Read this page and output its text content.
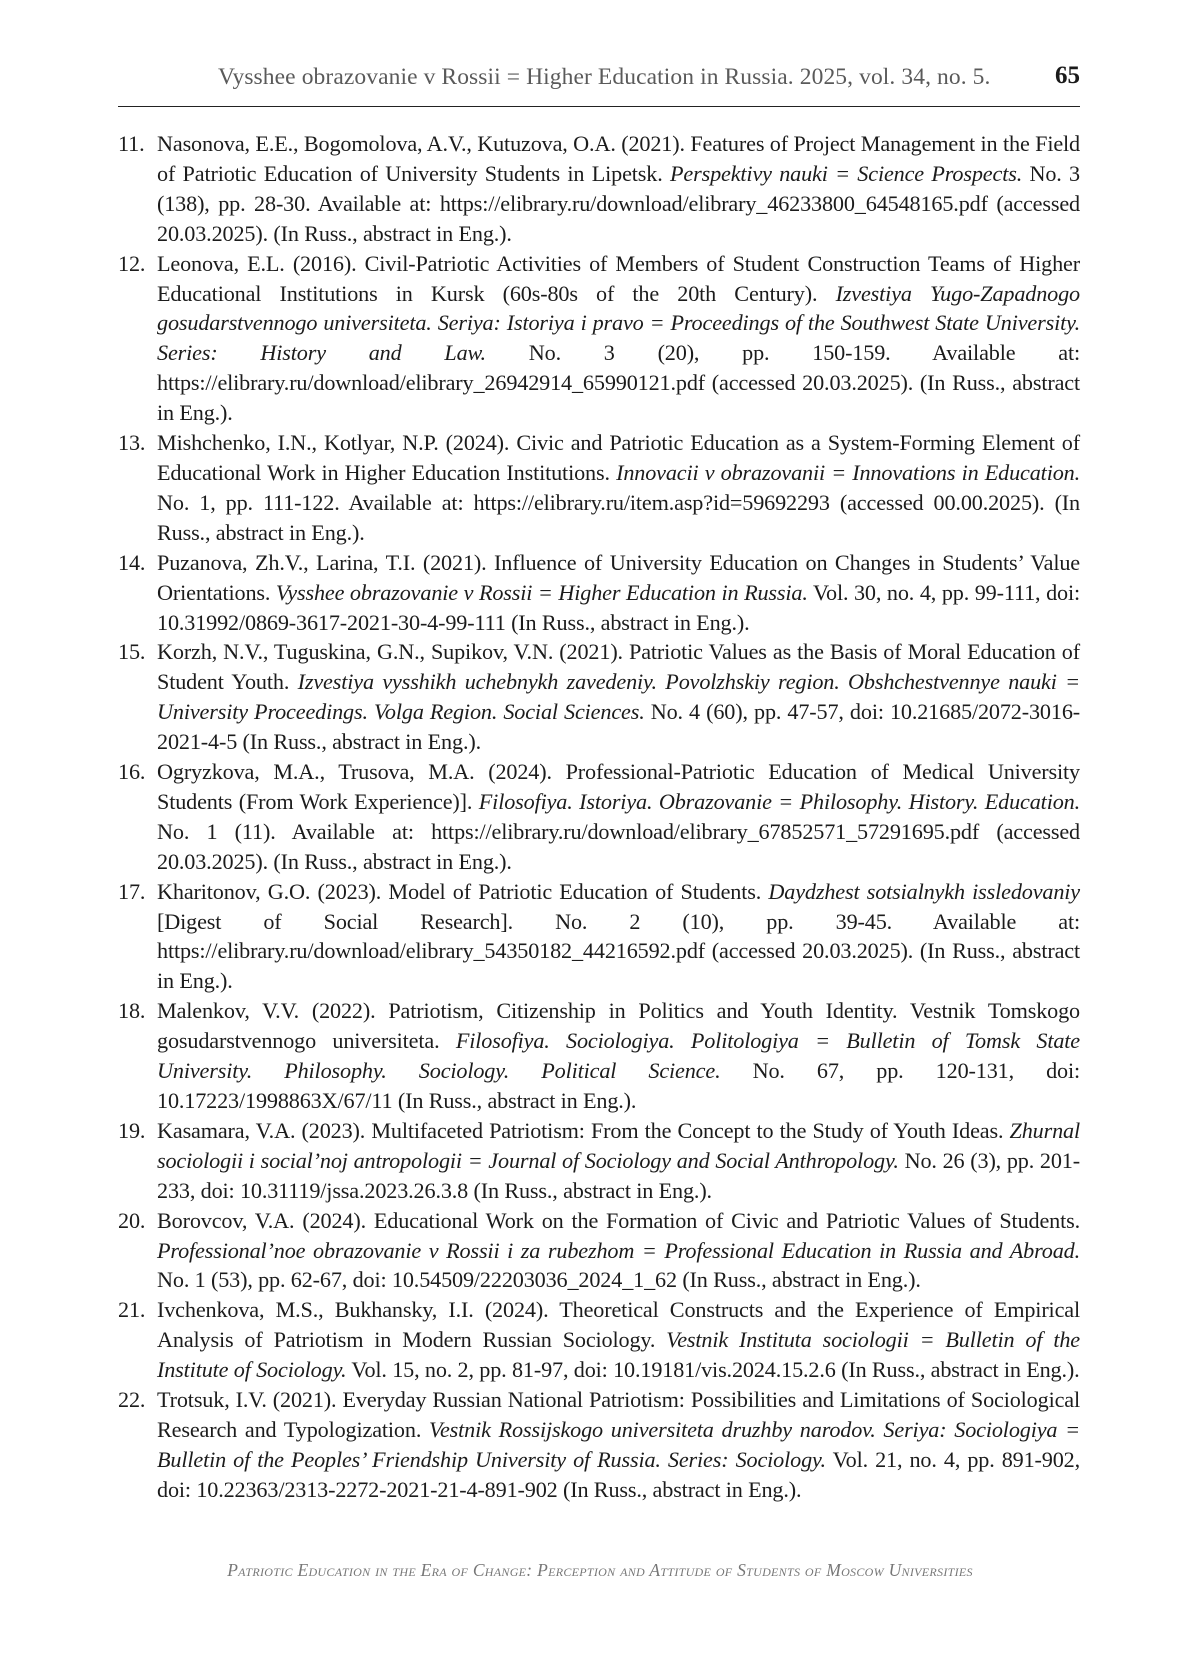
Vysshee obrazovanie v Rossii = Higher Education in Russia. 2025, vol. 34, no. 5.	65
11. Nasonova, E.E., Bogomolova, A.V., Kutuzova, O.A. (2021). Features of Project Management in the Field of Patriotic Education of University Students in Lipetsk. Perspektivy nauki = Science Prospects. No. 3 (138), pp. 28-30. Available at: https://elibrary.ru/download/elibrary_46233800_64548165.pdf (accessed 20.03.2025). (In Russ., abstract in Eng.).
12. Leonova, E.L. (2016). Civil-Patriotic Activities of Members of Student Construction Teams of Higher Educational Institutions in Kursk (60s-80s of the 20th Century). Izvestiya Yugo-Zapadnogo gosudarstvennogo universiteta. Seriya: Istoriya i pravo = Proceedings of the Southwest State University. Series: History and Law. No. 3 (20), pp. 150-159. Available at: https://elibrary.ru/download/elibrary_26942914_65990121.pdf (accessed 20.03.2025). (In Russ., abstract in Eng.).
13. Mishchenko, I.N., Kotlyar, N.P. (2024). Civic and Patriotic Education as a System-Forming Element of Educational Work in Higher Education Institutions. Innovacii v obrazovanii = Innovations in Education. No. 1, pp. 111-122. Available at: https://elibrary.ru/item.asp?id=59692293 (accessed 00.00.2025). (In Russ., abstract in Eng.).
14. Puzanova, Zh.V., Larina, T.I. (2021). Influence of University Education on Changes in Students’ Value Orientations. Vysshee obrazovanie v Rossii = Higher Education in Russia. Vol. 30, no. 4, pp. 99-111, doi: 10.31992/0869-3617-2021-30-4-99-111 (In Russ., abstract in Eng.).
15. Korzh, N.V., Tuguskina, G.N., Supikov, V.N. (2021). Patriotic Values as the Basis of Moral Education of Student Youth. Izvestiya vysshikh uchebnykh zavedeniy. Povolzhskiy region. Obshchestvennye nauki = University Proceedings. Volga Region. Social Sciences. No. 4 (60), pp. 47-57, doi: 10.21685/2072-3016-2021-4-5 (In Russ., abstract in Eng.).
16. Ogryzkova, M.A., Trusova, M.A. (2024). Professional-Patriotic Education of Medical University Students (From Work Experience)]. Filosofiya. Istoriya. Obrazovanie = Philosophy. History. Education. No. 1 (11). Available at: https://elibrary.ru/download/elibrary_67852571_57291695.pdf (accessed 20.03.2025). (In Russ., abstract in Eng.).
17. Kharitonov, G.O. (2023). Model of Patriotic Education of Students. Daydzhest sotsialnykh issledovaniy [Digest of Social Research]. No. 2 (10), pp. 39-45. Available at: https://elibrary.ru/download/elibrary_54350182_44216592.pdf (accessed 20.03.2025). (In Russ., abstract in Eng.).
18. Malenkov, V.V. (2022). Patriotism, Citizenship in Politics and Youth Identity. Vestnik Tomskogo gosudarstvennogo universiteta. Filosofiya. Sociologiya. Politologiya = Bulletin of Tomsk State University. Philosophy. Sociology. Political Science. No. 67, pp. 120-131, doi: 10.17223/1998863X/67/11 (In Russ., abstract in Eng.).
19. Kasamara, V.A. (2023). Multifaceted Patriotism: From the Concept to the Study of Youth Ideas. Zhurnal sociologii i social’noj antropologii = Journal of Sociology and Social Anthropology. No. 26 (3), pp. 201-233, doi: 10.31119/jssa.2023.26.3.8 (In Russ., abstract in Eng.).
20. Borovcov, V.A. (2024). Educational Work on the Formation of Civic and Patriotic Values of Students. Professional’noe obrazovanie v Rossii i za rubezhom = Professional Education in Russia and Abroad. No. 1 (53), pp. 62-67, doi: 10.54509/22203036_2024_1_62 (In Russ., abstract in Eng.).
21. Ivchenkova, M.S., Bukhansky, I.I. (2024). Theoretical Constructs and the Experience of Empirical Analysis of Patriotism in Modern Russian Sociology. Vestnik Instituta sociologii = Bulletin of the Institute of Sociology. Vol. 15, no. 2, pp. 81-97, doi: 10.19181/vis.2024.15.2.6 (In Russ., abstract in Eng.).
22. Trotsuk, I.V. (2021). Everyday Russian National Patriotism: Possibilities and Limitations of Sociological Research and Typologization. Vestnik Rossijskogo universiteta druzhby narodov. Seriya: Sociologiya = Bulletin of the Peoples’ Friendship University of Russia. Series: Sociology. Vol. 21, no. 4, pp. 891-902, doi: 10.22363/2313-2272-2021-21-4-891-902 (In Russ., abstract in Eng.).
Patriotic Education in the Era of Change: Perception and Attitude of Students of Moscow Universities
